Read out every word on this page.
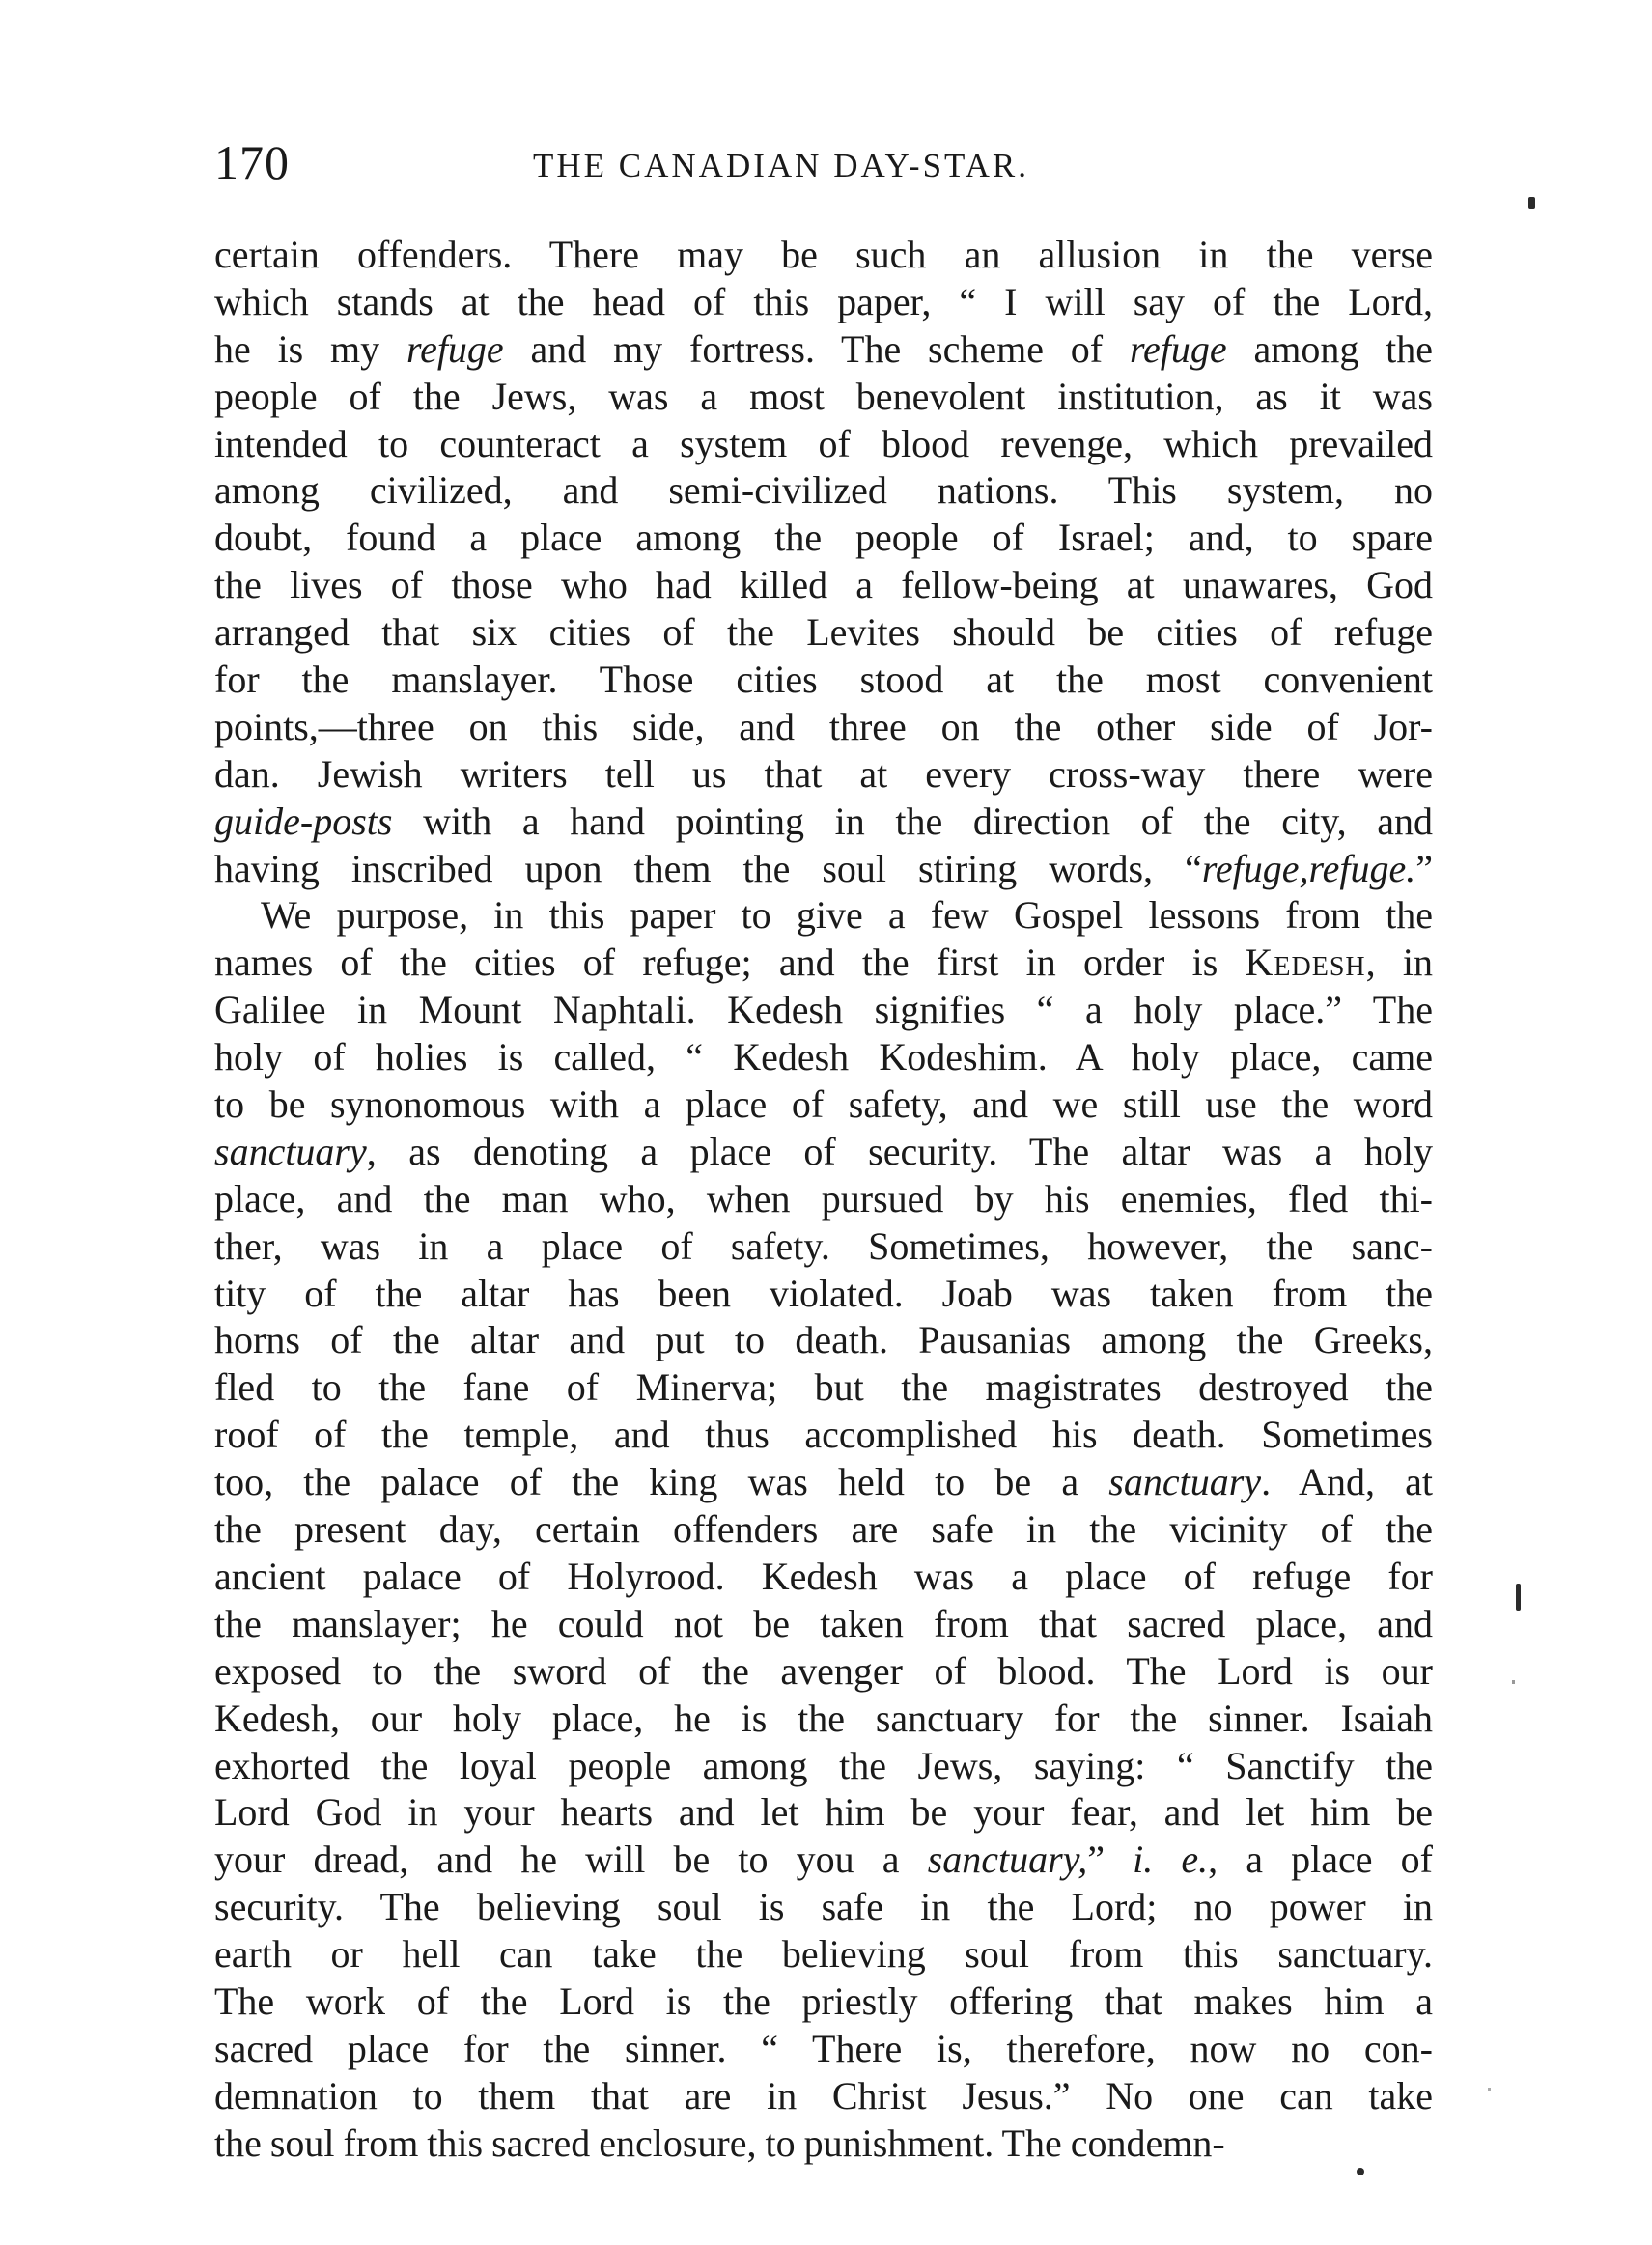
170	THE CANADIAN DAY-STAR.
certain offenders. There may be such an allusion in the verse
which stands at the head of this paper, “ I will say of the Lord,
he is my refuge and my fortress. The scheme of refuge among the
people of the Jews, was a most benevolent institution, as it was
intended to counteract a system of blood revenge, which prevailed
among civilized, and semi-civilized nations. This system, no
doubt, found a place among the people of Israel; and, to spare
the lives of those who had killed a fellow-being at unawares, God
arranged that six cities of the Levites should be cities of refuge
for the manslayer. Those cities stood at the most convenient
points,—three on this side, and three on the other side of Jor-
dan. Jewish writers tell us that at every cross-way there were
guide-posts with a hand pointing in the direction of the city, and
having inscribed upon them the soul stiring words, “refuge,refuge.”
We purpose, in this paper to give a few Gospel lessons from the
names of the cities of refuge; and the first in order is Kedesh, in
Galilee in Mount Naphtali. Kedesh signifies “ a holy place.” The
holy of holies is called, “ Kedesh Kodeshim. A holy place, came
to be synonomous with a place of safety, and we still use the word
sanctuary, as denoting a place of security. The altar was a holy
place, and the man who, when pursued by his enemies, fled thi-
ther, was in a place of safety. Sometimes, however, the sanc-
tity of the altar has been violated. Joab was taken from the
horns of the altar and put to death. Pausanias among the Greeks,
fled to the fane of Minerva; but the magistrates destroyed the
roof of the temple, and thus accomplished his death. Sometimes
too, the palace of the king was held to be a sanctuary. And, at
the present day, certain offenders are safe in the vicinity of the
ancient palace of Holyrood. Kedesh was a place of refuge for
the manslayer; he could not be taken from that sacred place, and
exposed to the sword of the avenger of blood. The Lord is our
Kedesh, our holy place, he is the sanctuary for the sinner. Isaiah
exhorted the loyal people among the Jews, saying: “ Sanctify the
Lord God in your hearts and let him be your fear, and let him be
your dread, and he will be to you a sanctuary,” i. e., a place of
security. The believing soul is safe in the Lord; no power in
earth or hell can take the believing soul from this sanctuary.
The work of the Lord is the priestly offering that makes him a
sacred place for the sinner. “ There is, therefore, now no con-
demnation to them that are in Christ Jesus.” No one can take
the soul from this sacred enclosure, to punishment. The condemn-
